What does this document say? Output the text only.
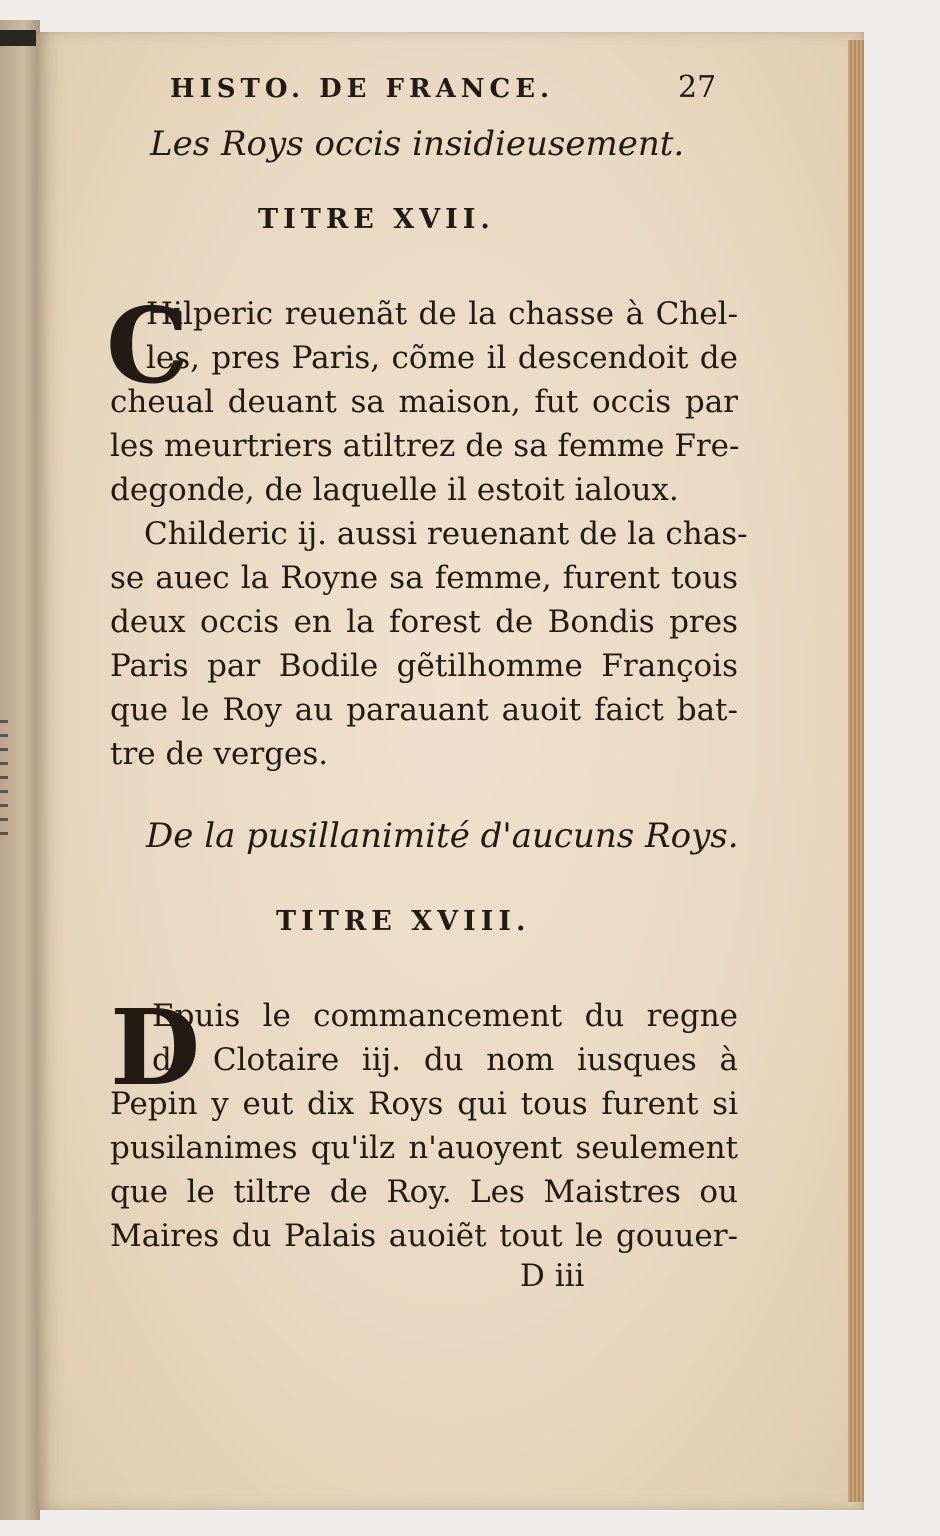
HISTO. DE FRANCE.	27
Les Roys occis insidieusement.
TITRE XVII.
C
Hilperic reuenãt de la chasse à Chel-
les, pres Paris, cõme il descendoit de
cheual deuant sa maison, fut occis par
les meurtriers atiltrez de sa femme Fre-
degonde, de laquelle il estoit ialoux.
Childeric ij. aussi reuenant de la chas-
se auec la Royne sa femme, furent tous
deux occis en la forest de Bondis pres
Paris par Bodile gẽtilhomme François
que le Roy au parauant auoit faict bat-
tre de verges.
De la pusillanimité d'aucuns Roys.
TITRE XVIII.
D
Epuis le commancement du regne
de Clotaire iij. du nom iusques à
Pepin y eut dix Roys qui tous furent si
pusilanimes qu'ilz n'auoyent seulement
que le tiltre de Roy. Les Maistres ou
Maires du Palais auoiẽt tout le gouuer-
D iii
